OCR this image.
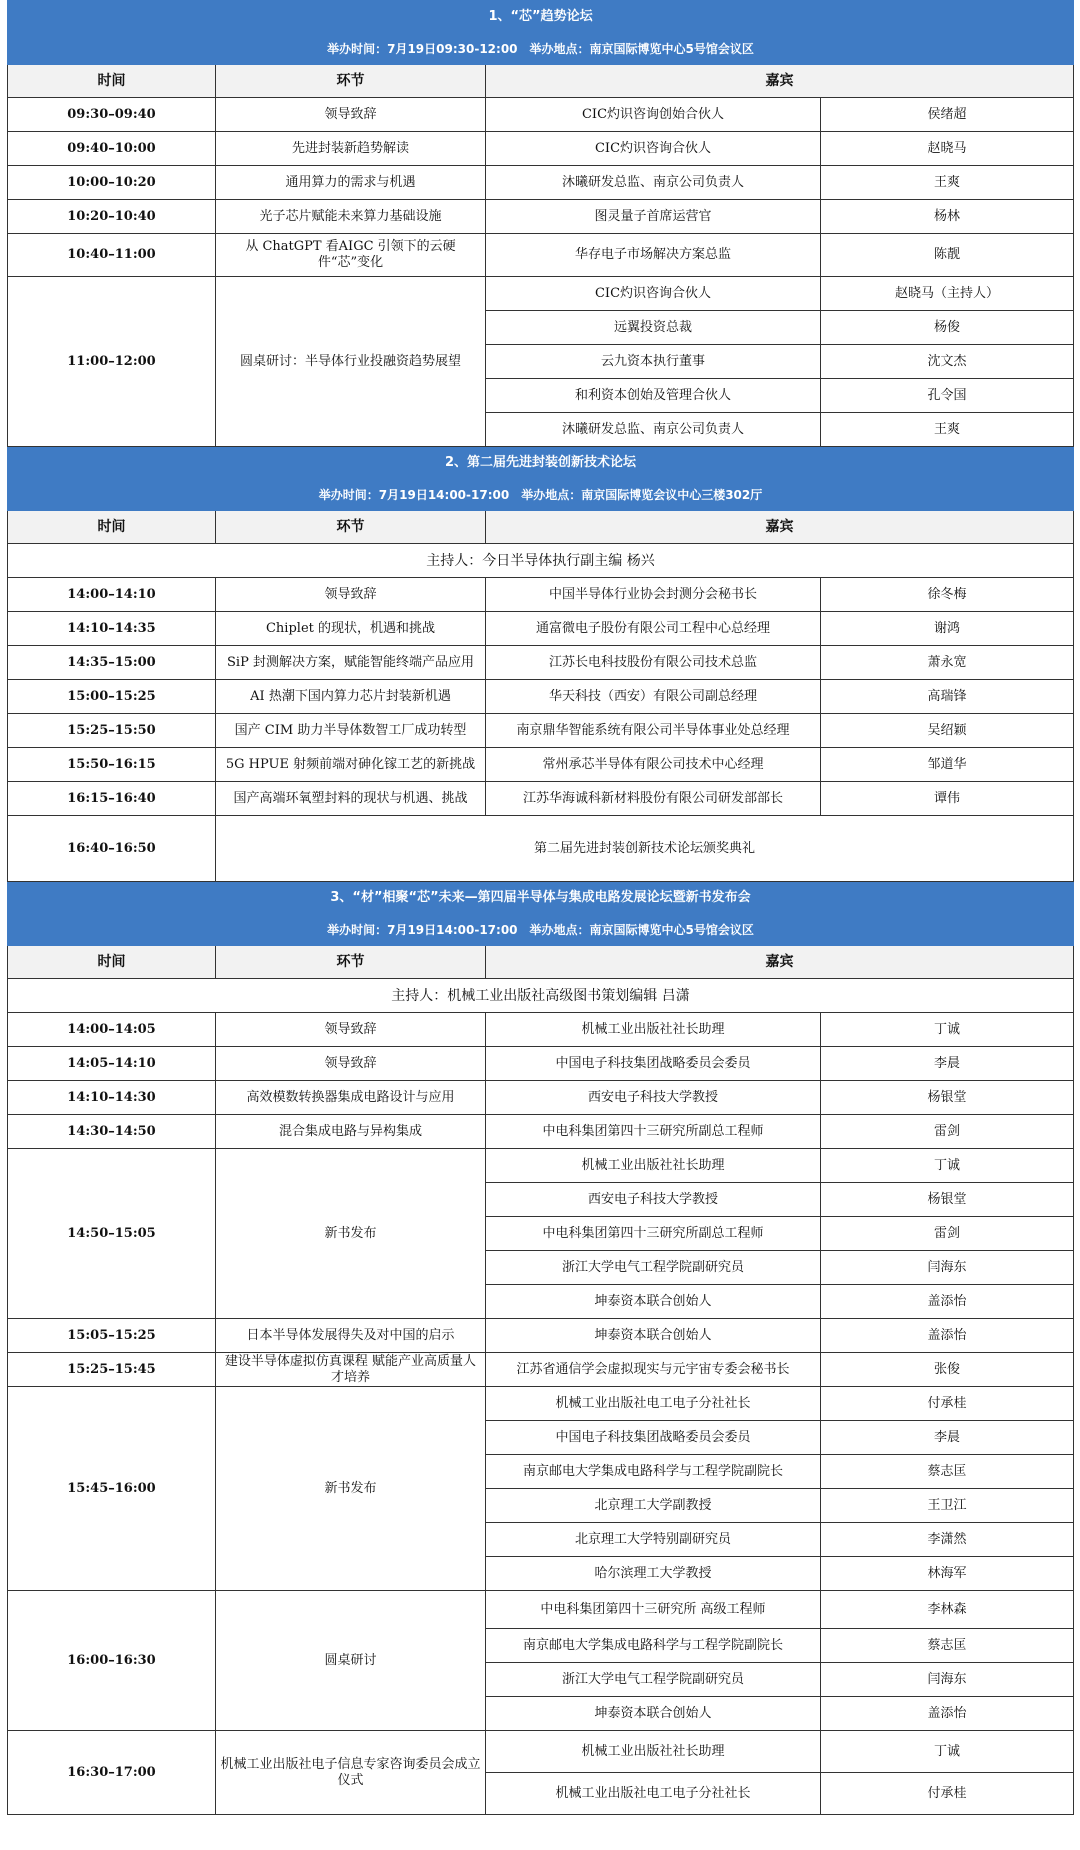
1、“芯”趋势论坛			
举办时间：7月19日09:30-12:00　举办地点：南京国际博览中心5号馆会议区			
时间	环节	嘉宾	
09:30–09:40	领导致辞	CIC灼识咨询创始合伙人	侯绪超
09:40–10:00	先进封装新趋势解读	CIC灼识咨询合伙人	赵晓马
10:00–10:20	通用算力的需求与机遇	沐曦研发总监、南京公司负责人	王爽
10:20–10:40	光子芯片赋能未来算力基础设施	图灵量子首席运营官	杨林
10:40–11:00	从 ChatGPT 看AIGC 引领下的云硬件“芯”变化	华存电子市场解决方案总监	陈靓
11:00–12:00	圆桌研讨：半导体行业投融资趋势展望	CIC灼识咨询合伙人	赵晓马（主持人）
		远翼投资总裁	杨俊
		云九资本执行董事	沈文杰
		和利资本创始及管理合伙人	孔令国
		沐曦研发总监、南京公司负责人	王爽
2、第二届先进封装创新技术论坛			
举办时间：7月19日14:00-17:00　举办地点：南京国际博览会议中心三楼302厅			
时间	环节	嘉宾	
主持人：今日半导体执行副主编 杨兴			
14:00–14:10	领导致辞	中国半导体行业协会封测分会秘书长	徐冬梅
14:10–14:35	Chiplet 的现状，机遇和挑战	通富微电子股份有限公司工程中心总经理	谢鸿
14:35–15:00	SiP 封测解决方案，赋能智能终端产品应用	江苏长电科技股份有限公司技术总监	萧永宽
15:00–15:25	AI 热潮下国内算力芯片封装新机遇	华天科技（西安）有限公司副总经理	高瑞锋
15:25–15:50	国产 CIM 助力半导体数智工厂成功转型	南京鼎华智能系统有限公司半导体事业处总经理	吴绍颖
15:50–16:15	5G HPUE 射频前端对砷化镓工艺的新挑战	常州承芯半导体有限公司技术中心经理	邹道华
16:15–16:40	国产高端环氧塑封料的现状与机遇、挑战	江苏华海诚科新材料股份有限公司研发部部长	谭伟
16:40–16:50	第二届先进封装创新技术论坛颁奖典礼		
3、“材”相聚“芯”未来—第四届半导体与集成电路发展论坛暨新书发布会			
举办时间：7月19日14:00-17:00　举办地点：南京国际博览中心5号馆会议区			
时间	环节	嘉宾	
主持人：机械工业出版社高级图书策划编辑 吕潇			
14:00–14:05	领导致辞	机械工业出版社社长助理	丁诚
14:05–14:10	领导致辞	中国电子科技集团战略委员会委员	李晨
14:10–14:30	高效模数转换器集成电路设计与应用	西安电子科技大学教授	杨银堂
14:30–14:50	混合集成电路与异构集成	中电科集团第四十三研究所副总工程师	雷剑
14:50–15:05	新书发布	机械工业出版社社长助理	丁诚
		西安电子科技大学教授	杨银堂
		中电科集团第四十三研究所副总工程师	雷剑
		浙江大学电气工程学院副研究员	闫海东
		坤泰资本联合创始人	盖添怡
15:05–15:25	日本半导体发展得失及对中国的启示	坤泰资本联合创始人	盖添怡
15:25–15:45	建设半导体虚拟仿真课程 赋能产业高质量人才培养	江苏省通信学会虚拟现实与元宇宙专委会秘书长	张俊
15:45–16:00	新书发布	机械工业出版社电工电子分社社长	付承桂
		中国电子科技集团战略委员会委员	李晨
		南京邮电大学集成电路科学与工程学院副院长	蔡志匡
		北京理工大学副教授	王卫江
		北京理工大学特别副研究员	李潇然
		哈尔滨理工大学教授	林海军
16:00–16:30	圆桌研讨	中电科集团第四十三研究所 高级工程师	李林森
		南京邮电大学集成电路科学与工程学院副院长	蔡志匡
		浙江大学电气工程学院副研究员	闫海东
		坤泰资本联合创始人	盖添怡
16:30–17:00	机械工业出版社电子信息专家咨询委员会成立仪式	机械工业出版社社长助理	丁诚
		机械工业出版社电工电子分社社长	付承桂
